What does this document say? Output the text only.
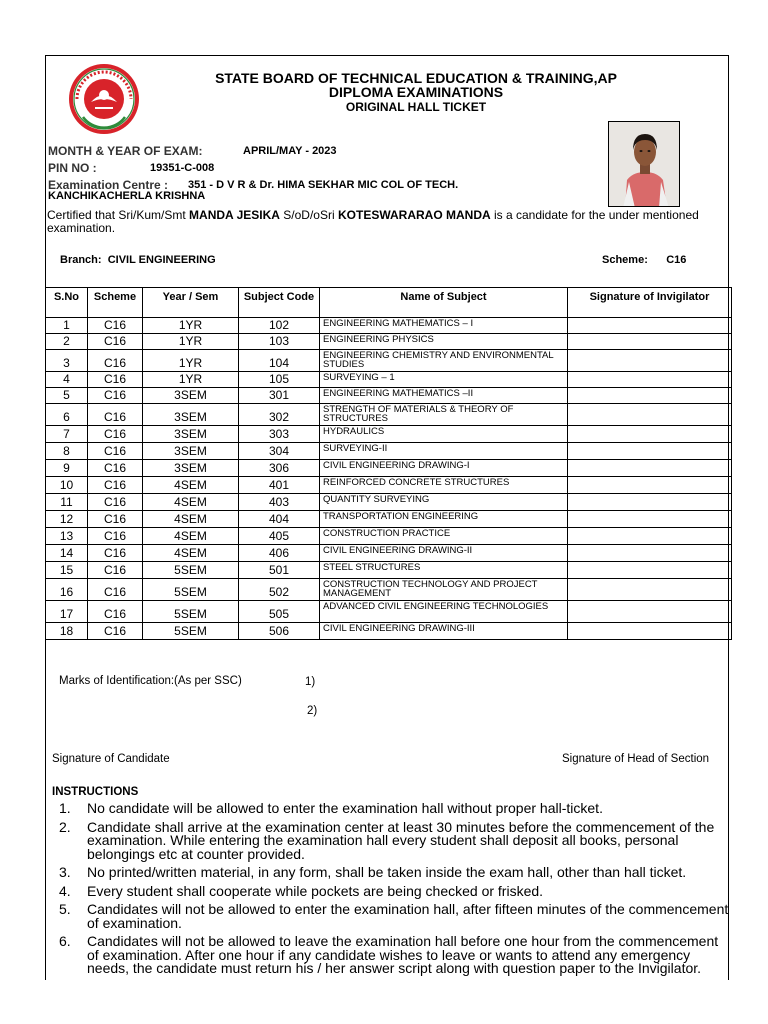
STATE BOARD OF TECHNICAL EDUCATION & TRAINING,AP
DIPLOMA EXAMINATIONS
ORIGINAL HALL TICKET
MONTH & YEAR OF EXAM:	APRIL/MAY - 2023
PIN NO :	19351-C-008
Examination Centre : 351 - D V R & Dr. HIMA SEKHAR MIC COL OF TECH.
KANCHIKACHERLA KRISHNA
Certified that Sri/Kum/Smt MANDA JESIKA S/oD/oSri KOTESWARARAO MANDA is a candidate for the under mentioned examination.
Branch: CIVIL ENGINEERING	Scheme: C16
S.No	Scheme	Year / Sem	Subject Code	Name of Subject	Signature of Invigilator
1	C16	1YR	102	ENGINEERING MATHEMATICS – I	
2	C16	1YR	103	ENGINEERING PHYSICS	
3	C16	1YR	104	ENGINEERING CHEMISTRY AND ENVIRONMENTAL STUDIES	
4	C16	1YR	105	SURVEYING – 1	
5	C16	3SEM	301	ENGINEERING MATHEMATICS –II	
6	C16	3SEM	302	STRENGTH OF MATERIALS & THEORY OF STRUCTURES	
7	C16	3SEM	303	HYDRAULICS	
8	C16	3SEM	304	SURVEYING-II	
9	C16	3SEM	306	CIVIL ENGINEERING DRAWING-I	
10	C16	4SEM	401	REINFORCED CONCRETE STRUCTURES	
11	C16	4SEM	403	QUANTITY SURVEYING	
12	C16	4SEM	404	TRANSPORTATION ENGINEERING	
13	C16	4SEM	405	CONSTRUCTION PRACTICE	
14	C16	4SEM	406	CIVIL ENGINEERING DRAWING-II	
15	C16	5SEM	501	STEEL STRUCTURES	
16	C16	5SEM	502	CONSTRUCTION TECHNOLOGY AND PROJECT MANAGEMENT	
17	C16	5SEM	505	ADVANCED CIVIL ENGINEERING TECHNOLOGIES	
18	C16	5SEM	506	CIVIL ENGINEERING DRAWING-III	
Marks of Identification:(As per SSC)	1)
2)
Signature of Candidate	Signature of Head of Section
INSTRUCTIONS
1. No candidate will be allowed to enter the examination hall without proper hall-ticket.
2. Candidate shall arrive at the examination center at least 30 minutes before the commencement of the examination. While entering the examination hall every student shall deposit all books, personal belongings etc at counter provided.
3. No printed/written material, in any form, shall be taken inside the exam hall, other than hall ticket.
4. Every student shall cooperate while pockets are being checked or frisked.
5. Candidates will not be allowed to enter the examination hall, after fifteen minutes of the commencement of examination.
6. Candidates will not be allowed to leave the examination hall before one hour from the commencement of examination. After one hour if any candidate wishes to leave or wants to attend any emergency needs, the candidate must return his / her answer script along with question paper to the Invigilator.
